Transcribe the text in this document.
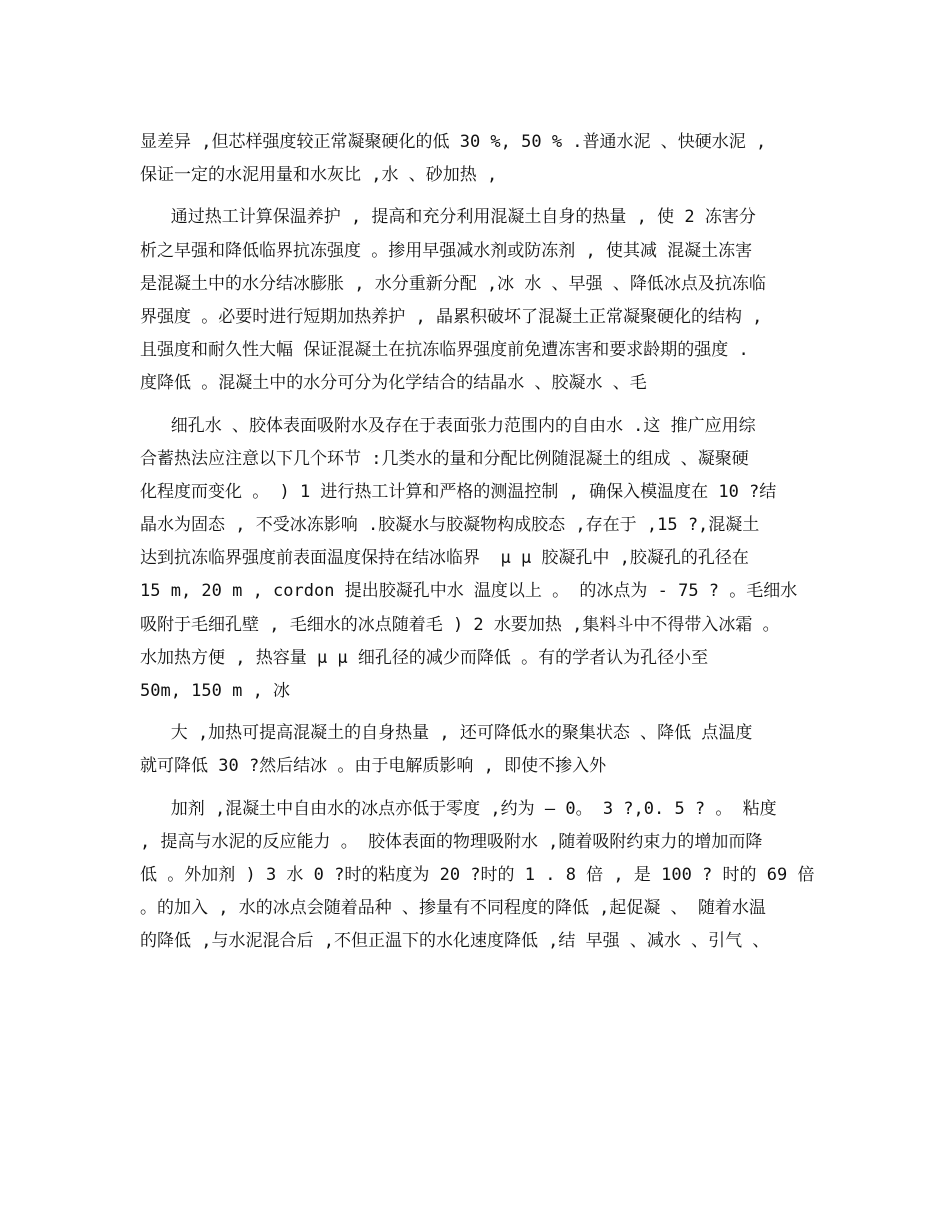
显差异 ,但芯样强度较正常凝聚硬化的低 30 %, 50 % .普通水泥 、快硬水泥 ,
保证一定的水泥用量和水灰比 ,水 、砂加热 ,
通过热工计算保温养护 , 提高和充分利用混凝土自身的热量 , 使 2 冻害分
析之早强和降低临界抗冻强度 。掺用早强减水剂或防冻剂 , 使其减 混凝土冻害
是混凝土中的水分结冰膨胀 , 水分重新分配 ,冰 水 、早强 、降低冰点及抗冻临
界强度 。必要时进行短期加热养护 , 晶累积破坏了混凝土正常凝聚硬化的结构 ,
且强度和耐久性大幅 保证混凝土在抗冻临界强度前免遭冻害和要求龄期的强度 .
度降低 。混凝土中的水分可分为化学结合的结晶水 、胶凝水 、毛
细孔水 、胶体表面吸附水及存在于表面张力范围内的自由水 .这 推广应用综
合蓄热法应注意以下几个环节 :几类水的量和分配比例随混凝土的组成 、凝聚硬
化程度而变化 。 ) 1 进行热工计算和严格的测温控制 , 确保入模温度在 10 ?结
晶水为固态 , 不受冰冻影响 .胶凝水与胶凝物构成胶态 ,存在于 ,15 ?,混凝土
达到抗冻临界强度前表面温度保持在结冰临界  μ μ 胶凝孔中 ,胶凝孔的孔径在
15 m, 20 m , cordon 提出胶凝孔中水 温度以上 。 的冰点为 - 75 ? 。毛细水
吸附于毛细孔壁 , 毛细水的冰点随着毛 ) 2 水要加热 ,集料斗中不得带入冰霜 。
水加热方便 , 热容量 μ μ 细孔径的减少而降低 。有的学者认为孔径小至
50m, 150 m , 冰
大 ,加热可提高混凝土的自身热量 , 还可降低水的聚集状态 、降低 点温度
就可降低 30 ?然后结冰 。由于电解质影响 , 即使不掺入外
加剂 ,混凝土中自由水的冰点亦低于零度 ,约为 — 0。 3 ?,0. 5 ? 。 粘度
, 提高与水泥的反应能力 。 胶体表面的物理吸附水 ,随着吸附约束力的增加而降
低 。外加剂 ) 3 水 0 ?时的粘度为 20 ?时的 1 . 8 倍 , 是 100 ? 时的 69 倍
。的加入 , 水的冰点会随着品种 、掺量有不同程度的降低 ,起促凝 、 随着水温
的降低 ,与水泥混合后 ,不但正温下的水化速度降低 ,结 早强 、减水 、引气 、
